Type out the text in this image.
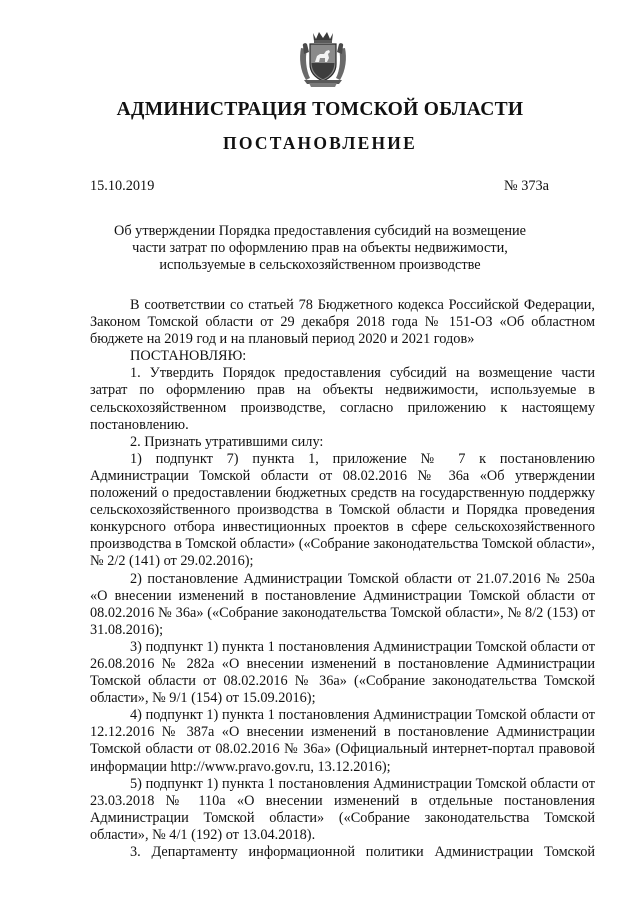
АДМИНИСТРАЦИЯ ТОМСКОЙ ОБЛАСТИ
ПОСТАНОВЛЕНИЕ
15.10.2019	№ 373а
Об утверждении Порядка предоставления субсидий на возмещение
части затрат по оформлению прав на объекты недвижимости,
используемые в сельскохозяйственном производстве

В соответствии со статьей 78 Бюджетного кодекса Российской Федерации, Законом Томской области от 29 декабря 2018 года № 151-ОЗ «Об областном бюджете на 2019 год и на плановый период 2020 и 2021 годов»

ПОСТАНОВЛЯЮ:

1. Утвердить Порядок предоставления субсидий на возмещение части затрат по оформлению прав на объекты недвижимости, используемые в сельскохозяйственном производстве, согласно приложению к настоящему постановлению.

2. Признать утратившими силу:

1) подпункт 7) пункта 1, приложение № 7 к постановлению Администрации Томской области от 08.02.2016 № 36а «Об утверждении положений о предоставлении бюджетных средств на государственную поддержку сельскохозяйственного производства в Томской области и Порядка проведения конкурсного отбора инвестиционных проектов в сфере сельскохозяйственного производства в Томской области» («Собрание законодательства Томской области», № 2/2 (141) от 29.02.2016);

2) постановление Администрации Томской области от 21.07.2016 № 250а «О внесении изменений в постановление Администрации Томской области от 08.02.2016 № 36а» («Собрание законодательства Томской области», № 8/2 (153) от 31.08.2016);

3) подпункт 1) пункта 1 постановления Администрации Томской области от 26.08.2016 № 282а «О внесении изменений в постановление Администрации Томской области от 08.02.2016 № 36а» («Собрание законодательства Томской области», № 9/1 (154) от 15.09.2016);

4) подпункт 1) пункта 1 постановления Администрации Томской области от 12.12.2016 № 387а «О внесении изменений в постановление Администрации Томской области от 08.02.2016 № 36а» (Официальный интернет-портал правовой информации http://www.pravo.gov.ru, 13.12.2016);

5) подпункт 1) пункта 1 постановления Администрации Томской области от 23.03.2018 № 110а «О внесении изменений в отдельные постановления Администрации Томской области» («Собрание законодательства Томской области», № 4/1 (192) от 13.04.2018).

3. Департаменту информационной политики Администрации Томской
